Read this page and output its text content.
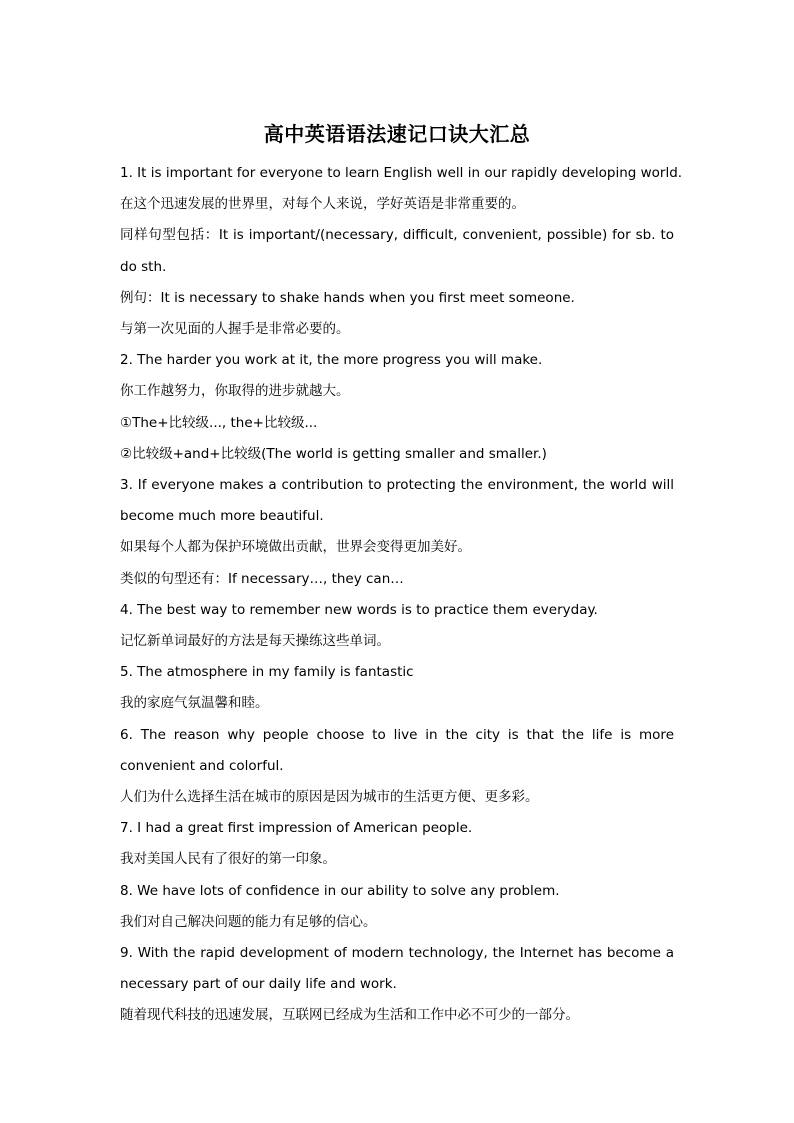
高中英语语法速记口诀大汇总

1. It is important for everyone to learn English well in our rapidly developing world.

在这个迅速发展的世界里，对每个人来说，学好英语是非常重要的。

同样句型包括：It is important/(necessary, difficult, convenient, possible) for sb. to do sth.

例句：It is necessary to shake hands when you first meet someone.

与第一次见面的人握手是非常必要的。

2. The harder you work at it, the more progress you will make.

你工作越努力，你取得的进步就越大。

①The+比较级..., the+比较级...

②比较级+and+比较级(The world is getting smaller and smaller.)

3. If everyone makes a contribution to protecting the environment, the world will become much more beautiful.

如果每个人都为保护环境做出贡献，世界会变得更加美好。

类似的句型还有：If necessary…, they can…

4. The best way to remember new words is to practice them everyday.

记忆新单词最好的方法是每天操练这些单词。

5. The atmosphere in my family is fantastic

我的家庭气氛温馨和睦。

6. The reason why people choose to live in the city is that the life is more convenient and colorful.

人们为什么选择生活在城市的原因是因为城市的生活更方便、更多彩。

7. I had a great first impression of American people.

我对美国人民有了很好的第一印象。

8. We have lots of confidence in our ability to solve any problem.

我们对自己解决问题的能力有足够的信心。

9. With the rapid development of modern technology, the Internet has become a necessary part of our daily life and work.

随着现代科技的迅速发展，互联网已经成为生活和工作中必不可少的一部分。
